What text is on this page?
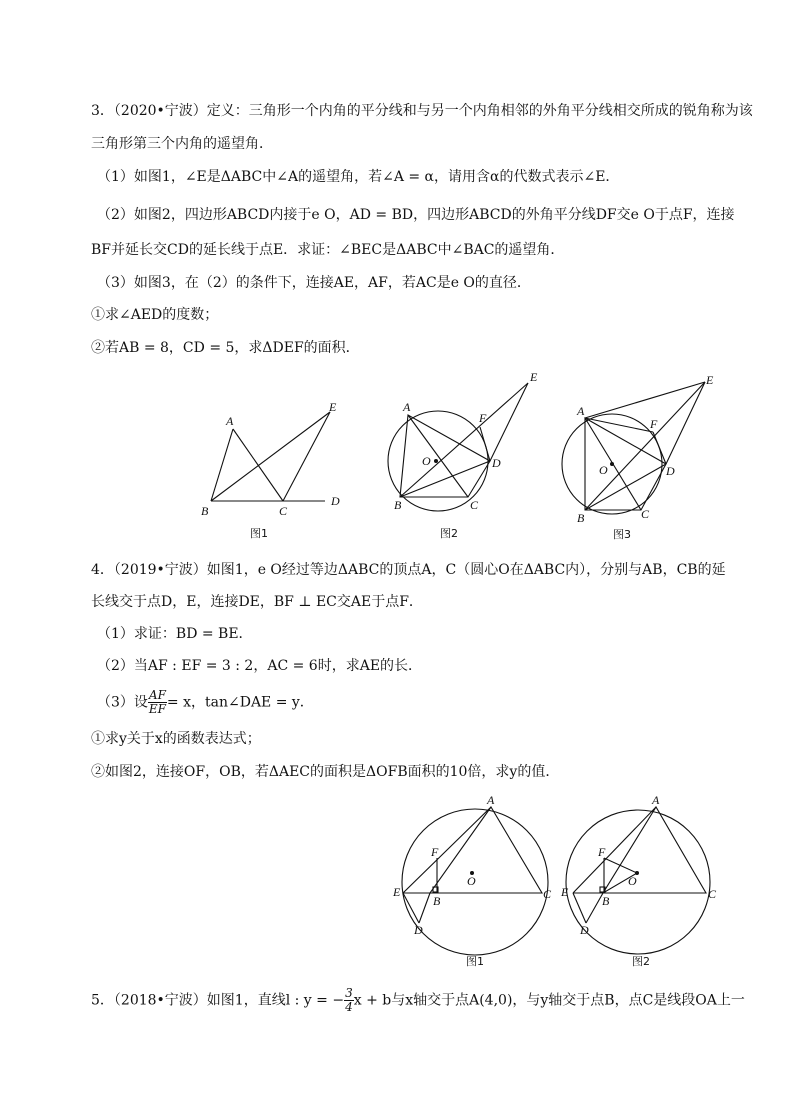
3．（2020•宁波）定义：三角形一个内角的平分线和与另一个内角相邻的外角平分线相交所成的锐角称为该
三角形第三个内角的遥望角．
（1）如图1，∠E是ΔABC中∠A的遥望角，若∠A = α，请用含α的代数式表示∠E．
（2）如图2，四边形ABCD内接于e O，AD = BD，四边形ABCD的外角平分线DF交e O于点F，连接
BF并延长交CD的延长线于点E．求证：∠BEC是ΔABC中∠BAC的遥望角．
（3）如图3，在（2）的条件下，连接AE，AF，若AC是e O的直径．
①求∠AED的度数；
②若AB = 8，CD = 5，求ΔDEF的面积．
A
B	C
D
E
图1
A
B	C
D
E
F
O
图2
A
B	C
D
E
F
O
图3
4．（2019•宁波）如图1，e O经过等边ΔABC的顶点A，C（圆心O在ΔABC内），分别与AB，CB的延
长线交于点D，E，连接DE，BF ⊥ EC交AE于点F．
（1）求证：BD = BE．
（2）当AF : EF = 3 : 2，AC = 6时，求AE的长．
（3）设 $\frac{AF}{EF} = x$，tan∠DAE = y．
①求y关于x的函数表达式；
②如图2，连接OF，OB，若ΔAEC的面积是ΔOFB面积的10倍，求y的值．
A
B	C
D
E
F
O
图1
A
B	C
D
E
F
O
图2
5．（2018•宁波）如图1，直线l : y = − $\frac{3}{4}$ x + b与x轴交于点A(4,0)，与y轴交于点B，点C是线段OA上一
